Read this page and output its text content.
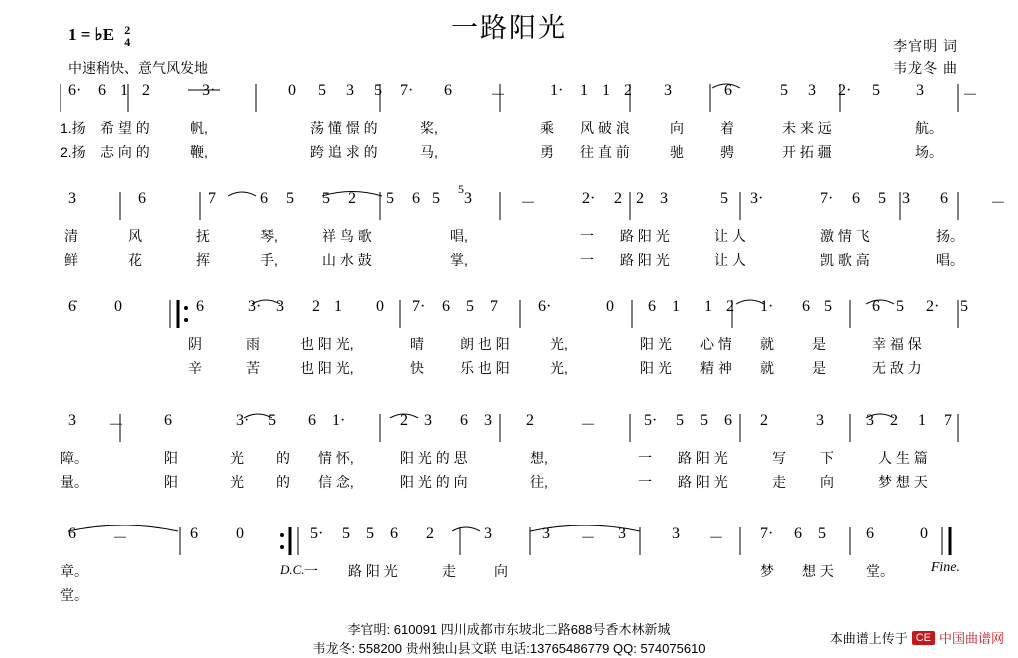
一路阳光
1 = ♭E 2
4
中速稍快、意气风发地
李官明 词
韦龙冬 曲
6· 6 1 2	3·	0 5 3 5 7· 6 －	1· 1 1 2 3	6	5 3 2· 5 3 －
1.扬 希 望 的	帆,	荡 懂 憬 的	桨,	乘 风 破 浪	向	着	未 来 远	航。
2.扬 志 向 的	鞭,	跨 追 求 的	马,	勇 往 直 前	驰	骋	开 拓 疆	场。
3	6	7	6 5 5 2 5 6 5
5
3	－	2· 2 2 3	5 3·	7· 6 5 3 6	－
清	风	抚	琴,	祥 鸟 歌	唱,	一 路 阳 光	让 人	激 情 飞	扬。
鲜	花	挥	手,	山 水 鼓	掌,	一 路 阳 光	让 人	凯 歌 高	唱。
6̇ 0	6	3· 3 2 1 0 7· 6 5 7	6·	0 6 1 1 2 1· 6 5	6 5 2· 5
阴	雨	也 阳 光,	晴	朗 也 阳	光,	阳 光 心 情 就	是	幸 福 保
辛	苦	也 阳 光,	快	乐 也 阳	光,	阳 光 精 神 就	是	无 敌 力
3 － 6	3· 5 6 1·	2 3 6 3 2	－	5· 5 5 6 2	3	3 2 1 7
障。	阳	光 的 情 怀,	阳 光 的 思	想,	一 路 阳 光	写 下	人 生 篇
量。	阳	光 的 信 念,	阳 光 的 向	往,	一 路 阳 光	走 向	梦 想 天
6 －	6 0	5· 5 5 6 2	3	3 － 3	3 － 7· 6 5	6	0
章。	一 路 阳 光	走	向	梦 想 天 堂。
堂。
D.C.	Fine.
李官明: 610091 四川成都市东坡北二路688号香木林新城
韦龙冬: 558200 贵州独山县文联 电话:13765486779 QQ: 574075610
本曲谱上传于 CE 中国曲谱网
